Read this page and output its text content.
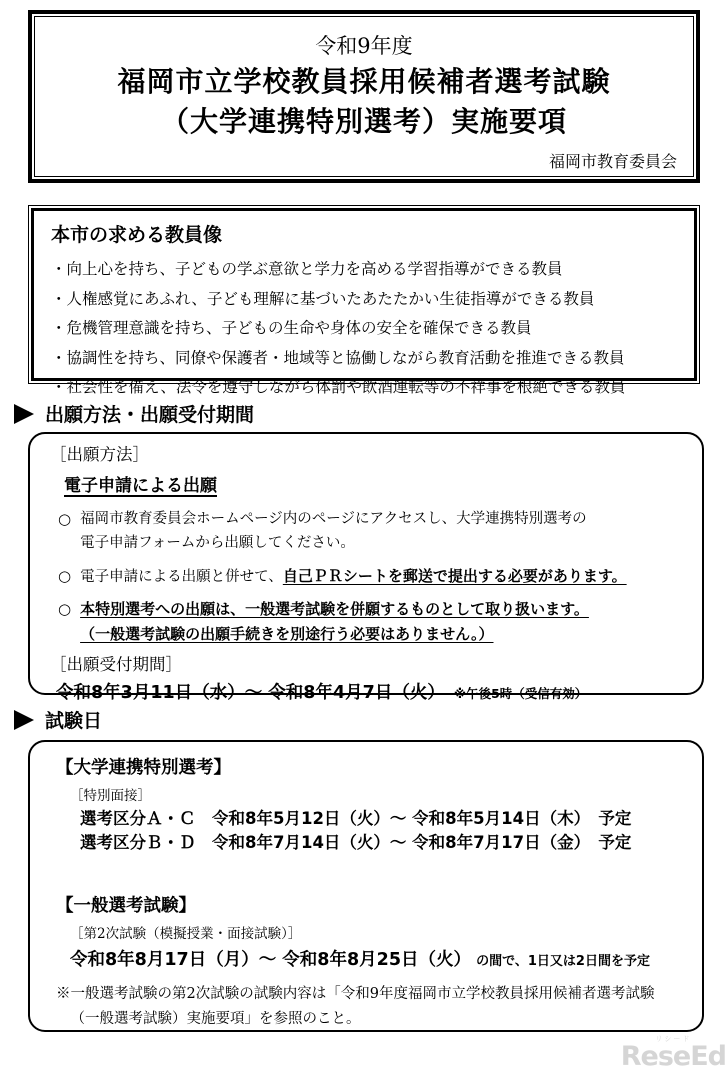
令和9年度
福岡市立学校教員採用候補者選考試験
（大学連携特別選考）実施要項
福岡市教育委員会
本市の求める教員像
・向上心を持ち、子どもの学ぶ意欲と学力を高める学習指導ができる教員
・人権感覚にあふれ、子ども理解に基づいたあたたかい生徒指導ができる教員
・危機管理意識を持ち、子どもの生命や身体の安全を確保できる教員
・協調性を持ち、同僚や保護者・地域等と協働しながら教育活動を推進できる教員
・社会性を備え、法令を遵守しながら体罰や飲酒運転等の不祥事を根絶できる教員
出願方法・出願受付期間
［出願方法］
電子申請による出願
○ 福岡市教育委員会ホームページ内のページにアクセスし、大学連携特別選考の
電子申請フォームから出願してください。
○ 電子申請による出願と併せて、自己ＰＲシートを郵送で提出する必要があります。
○ 本特別選考への出願は、一般選考試験を併願するものとして取り扱います。
（一般選考試験の出願手続きを別途行う必要はありません。）
［出願受付期間］
令和8年3月11日（水）～ 令和8年4月7日（火） ※午後5時（受信有効）
試験日
【大学連携特別選考】
［特別面接］
選考区分Ａ・Ｃ　令和8年5月12日（火）～ 令和8年5月14日（木）　予定
選考区分Ｂ・Ｄ　令和8年7月14日（火）～ 令和8年7月17日（金）　予定
【一般選考試験】
［第2次試験（模擬授業・面接試験）］
令和8年8月17日（月）～ 令和8年8月25日（火） の間で、1日又は2日間を予定
※一般選考試験の第2次試験の試験内容は「令和9年度福岡市立学校教員採用候補者選考試験（一般選考試験）実施要項」を参照のこと。
リシード
ReseEd
